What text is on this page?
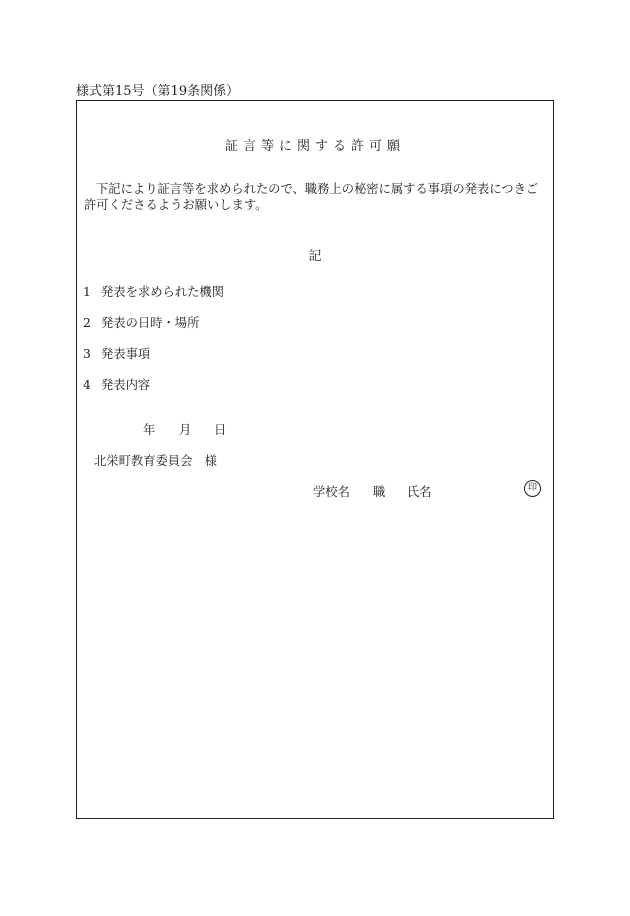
様式第15号（第19条関係）
証言等に関する許可願
下記により証言等を求められたので、職務上の秘密に属する事項の発表につきご許可くださるようお願いします。
記
1 発表を求められた機関
2 発表の日時・場所
3 発表事項
4 発表内容
年 月 日
北栄町教育委員会　様
学校名 職 氏名	印
